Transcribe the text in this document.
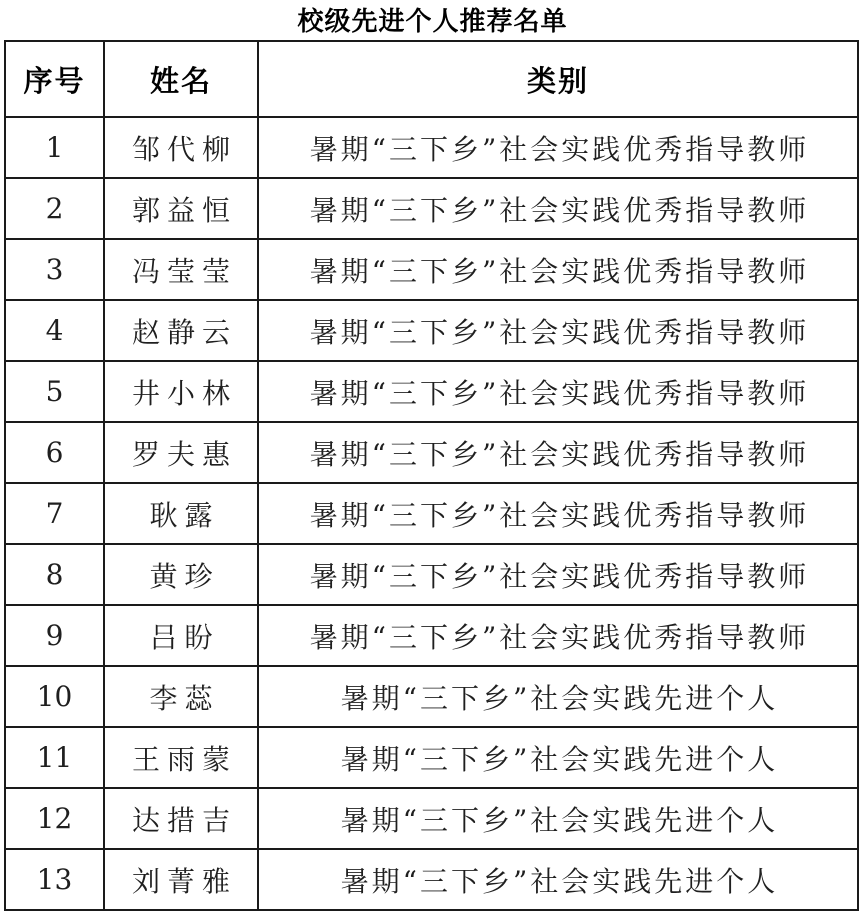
校级先进个人推荐名单
序号	姓名	类别
1	邹代柳	暑期“三下乡”社会实践优秀指导教师
2	郭益恒	暑期“三下乡”社会实践优秀指导教师
3	冯莹莹	暑期“三下乡”社会实践优秀指导教师
4	赵静云	暑期“三下乡”社会实践优秀指导教师
5	井小林	暑期“三下乡”社会实践优秀指导教师
6	罗夫惠	暑期“三下乡”社会实践优秀指导教师
7	耿露	暑期“三下乡”社会实践优秀指导教师
8	黄珍	暑期“三下乡”社会实践优秀指导教师
9	吕盼	暑期“三下乡”社会实践优秀指导教师
10	李蕊	暑期“三下乡”社会实践先进个人
11	王雨蒙	暑期“三下乡”社会实践先进个人
12	达措吉	暑期“三下乡”社会实践先进个人
13	刘菁雅	暑期“三下乡”社会实践先进个人
